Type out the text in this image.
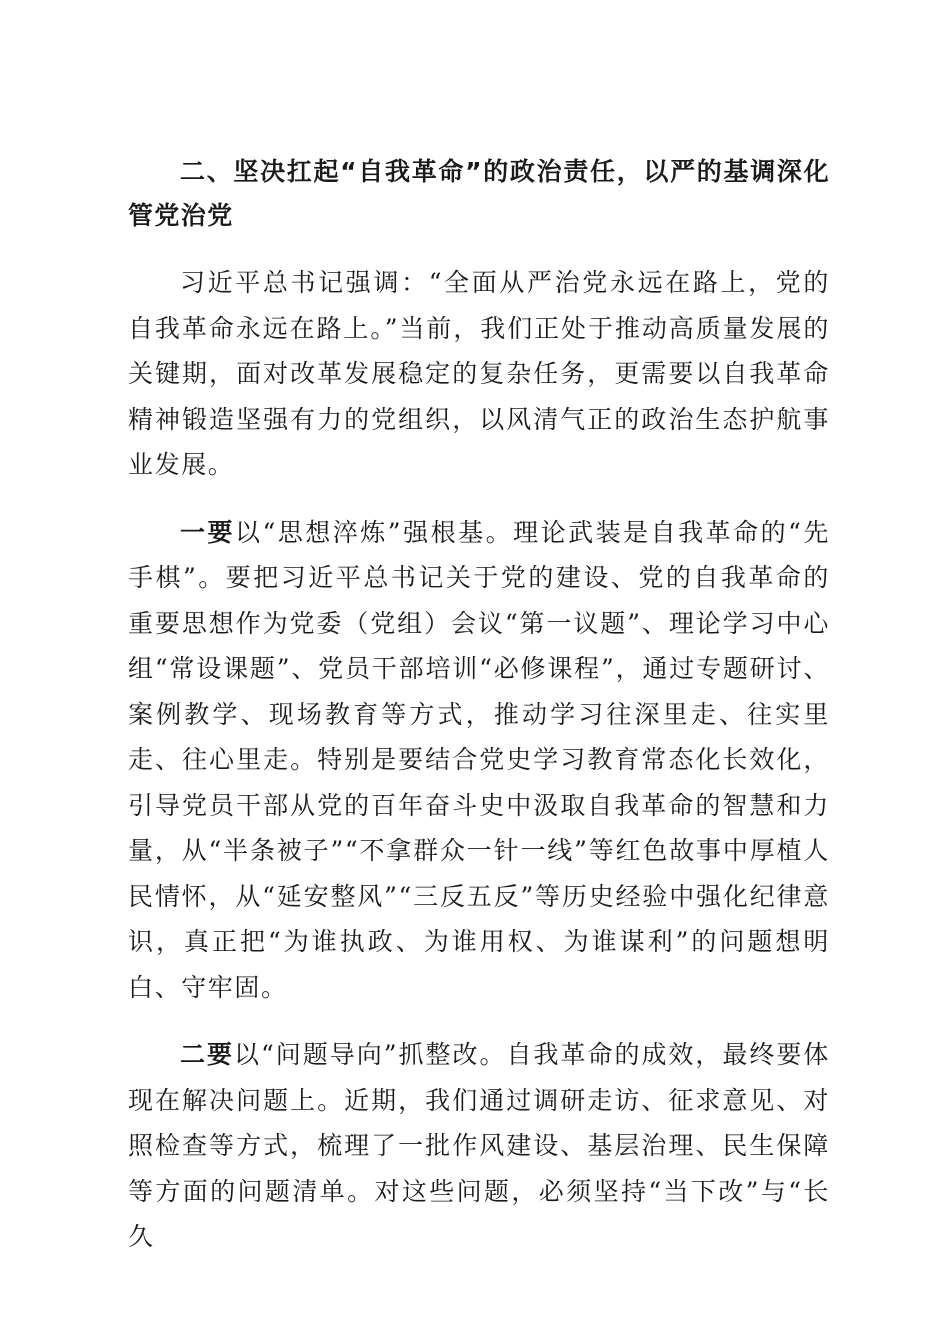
二、坚决扛起“自我革命”的政治责任，以严的基调深化管党治党

习近平总书记强调：“全面从严治党永远在路上，党的自我革命永远在路上。”当前，我们正处于推动高质量发展的关键期，面对改革发展稳定的复杂任务，更需要以自我革命精神锻造坚强有力的党组织，以风清气正的政治生态护航事业发展。

一要以“思想淬炼”强根基。理论武装是自我革命的“先手棋”。要把习近平总书记关于党的建设、党的自我革命的重要思想作为党委（党组）会议“第一议题”、理论学习中心组“常设课题”、党员干部培训“必修课程”，通过专题研讨、案例教学、现场教育等方式，推动学习往深里走、往实里走、往心里走。特别是要结合党史学习教育常态化长效化，引导党员干部从党的百年奋斗史中汲取自我革命的智慧和力量，从“半条被子”“不拿群众一针一线”等红色故事中厚植人民情怀，从“延安整风”“三反五反”等历史经验中强化纪律意识，真正把“为谁执政、为谁用权、为谁谋利”的问题想明白、守牢固。

二要以“问题导向”抓整改。自我革命的成效，最终要体现在解决问题上。近期，我们通过调研走访、征求意见、对照检查等方式，梳理了一批作风建设、基层治理、民生保障等方面的问题清单。对这些问题，必须坚持“当下改”与“长久
